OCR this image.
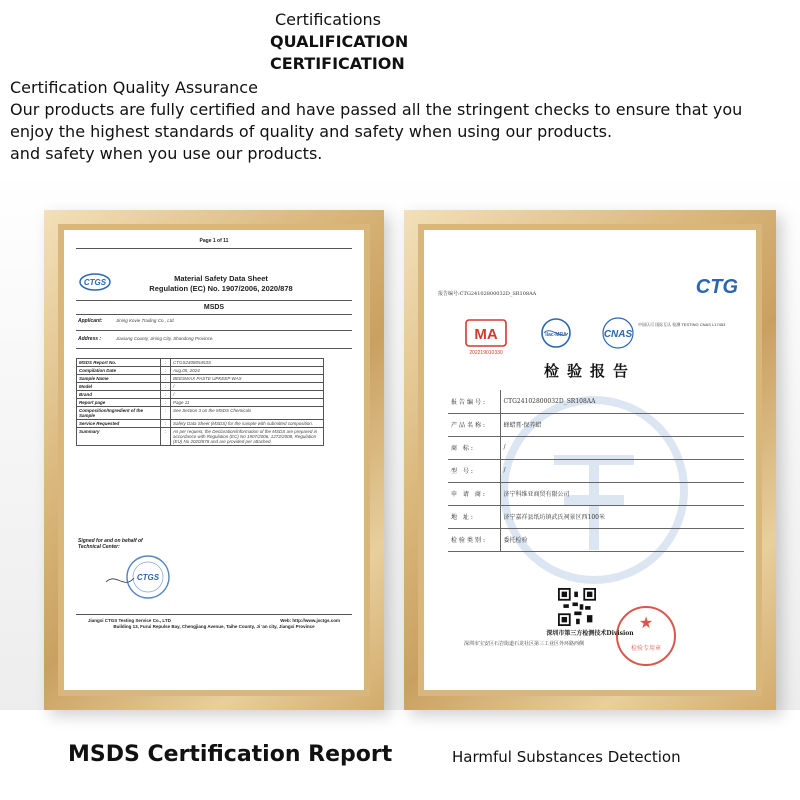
Certifications
QUALIFICATION
CERTIFICATION
Certification Quality Assurance
Our products are fully certified and have passed all the stringent checks to ensure that you
enjoy the highest standards of quality and safety when using our products.
and safety when you use our products.
Page 1 of 11
CTGS	Material Safety Data Sheet
Regulation (EC) No. 1907/2006, 2020/878
MSDS
Applicant:	Jining Kovie Trading Co., Ltd.
Address :	Jiaxiang County, Jining City, Shandong Province.
MSDS Report No.	:	CTGS240805453S
Compilation Date	:	Aug.05, 2024
Sample Name	:	BEESWAX PASTE UPKEEP WAX
Model	:	/
Brand	:	/
Report page	:	Page 11
Composition/Ingredient of the Sample	:	See Section 3 on the MSDS Chemicals
Service Requested	:	Safety Data Sheet (MSDS) for the sample with submitted composition.
Summary	:	As per request, the Declaration/information of the MSDS are prepared in accordance with Regulation (EC) No 1907/2006, 1272/2008, Regulation (EU) No 2020/878 and are provided per attached.
Signed for and on behalf of
Technical Center:
CTGS
Jiangxi CTGS Testing Service Co., LTD	Web: http://www.jxctgs.com
Building 13, Furui Repulse Bay, Chengjiang Avenue, Taihe County, Ji 'an city, Jiangxi Province
报告编号:CTG24102800032D_SR108AA	CTG
MA
202219010330
ilac-MRA	CNAS
中国认可 国际互认 检测 TESTING CNAS L17453
检验报告
报告编号:	CTG24102800032D_SR108AA
产品名称:	蜂蜡膏·保养蜡
商 标:	/
型 号:	/
申 请 商:	济宁科维亚商贸有限公司
地 址:	济宁嘉祥县纸坊镇武氏祠景区西100米
检验类别:	委托检验
★
检验专用章
深圳市第三方检测技术Division
深圳市宝安区石岩街道石龙社区第三工业区外环路西侧
MSDS Certification Report	Harmful Substances Detection
